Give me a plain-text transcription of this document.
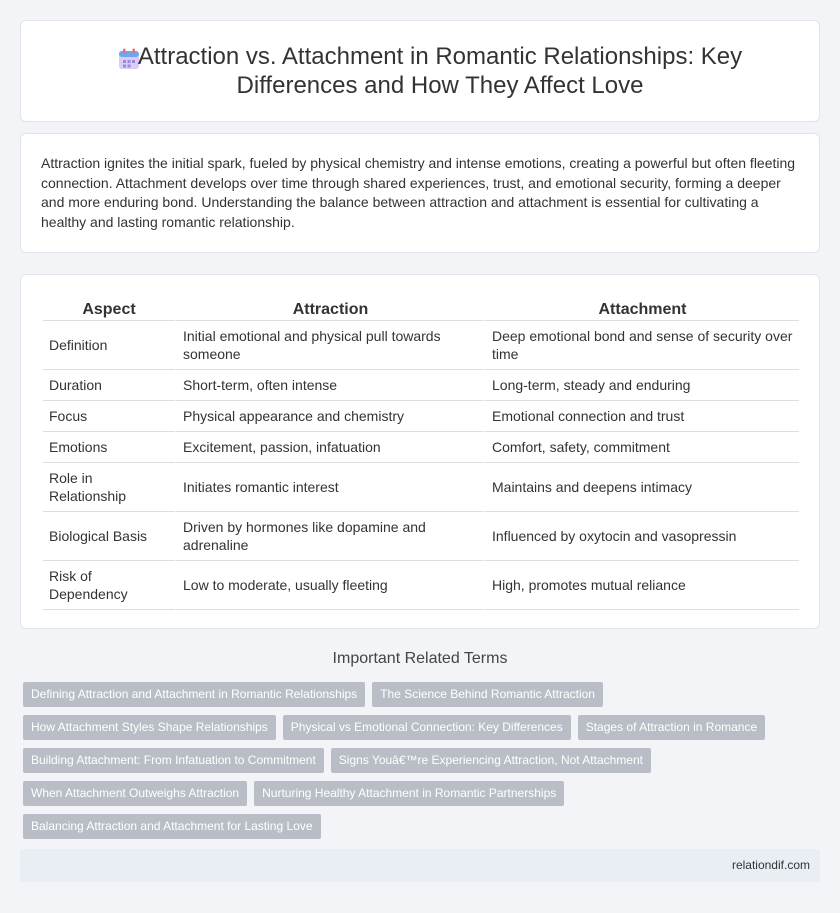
Attraction vs. Attachment in Romantic Relationships: Key Differences and How They Affect Love

Attraction ignites the initial spark, fueled by physical chemistry and intense emotions, creating a powerful but often fleeting connection. Attachment develops over time through shared experiences, trust, and emotional security, forming a deeper and more enduring bond. Understanding the balance between attraction and attachment is essential for cultivating a healthy and lasting romantic relationship.

Aspect	Attraction	Attachment
Definition	Initial emotional and physical pull towards someone	Deep emotional bond and sense of security over time
Duration	Short-term, often intense	Long-term, steady and enduring
Focus	Physical appearance and chemistry	Emotional connection and trust
Emotions	Excitement, passion, infatuation	Comfort, safety, commitment
Role in Relationship	Initiates romantic interest	Maintains and deepens intimacy
Biological Basis	Driven by hormones like dopamine and adrenaline	Influenced by oxytocin and vasopressin
Risk of Dependency	Low to moderate, usually fleeting	High, promotes mutual reliance
Important Related Terms
Defining Attraction and Attachment in Romantic Relationships	The Science Behind Romantic Attraction
How Attachment Styles Shape Relationships	Physical vs Emotional Connection: Key Differences	Stages of Attraction in Romance
Building Attachment: From Infatuation to Commitment	Signs Youâ€™re Experiencing Attraction, Not Attachment
When Attachment Outweighs Attraction	Nurturing Healthy Attachment in Romantic Partnerships
Balancing Attraction and Attachment for Lasting Love
relationdif.com
